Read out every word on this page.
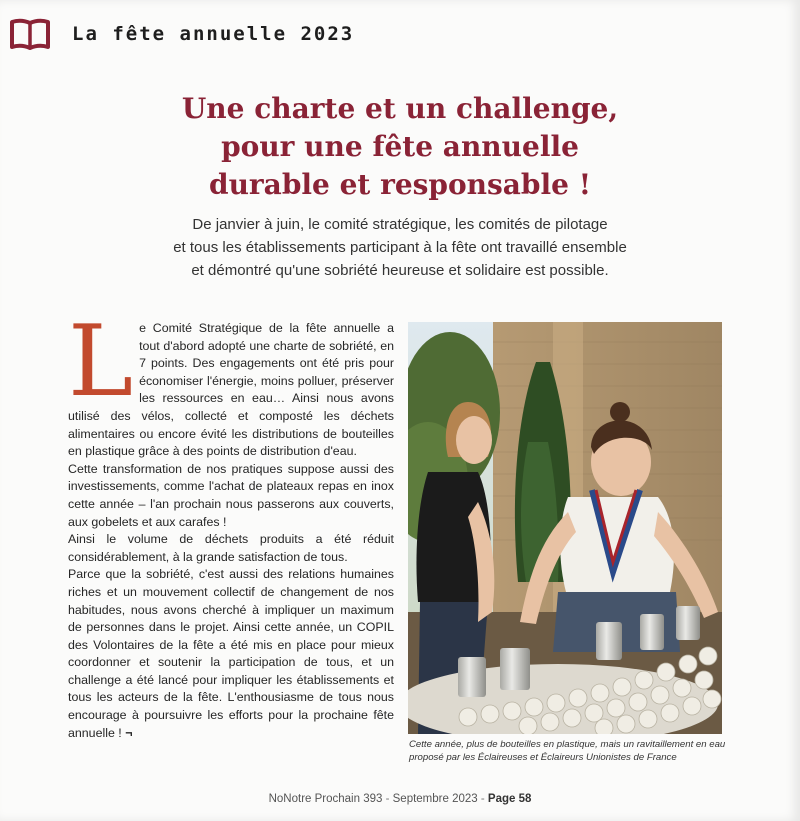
La fête annuelle 2023
Une charte et un challenge,
pour une fête annuelle
durable et responsable !
De janvier à juin, le comité stratégique, les comités de pilotage
et tous les établissements participant à la fête ont travaillé ensemble
et démontré qu'une sobriété heureuse et solidaire est possible.

Le Comité Stratégique de la fête annuelle a tout d'abord adopté une charte de sobriété, en 7 points. Des engagements ont été pris pour économiser l'énergie, moins polluer, préserver les ressources en eau… Ainsi nous avons utilisé des vélos, collecté et composté les déchets alimentaires ou encore évité les distributions de bouteilles en plastique grâce à des points de distribution d'eau.

Cette transformation de nos pratiques suppose aussi des investissements, comme l'achat de plateaux repas en inox cette année – l'an prochain nous passerons aux couverts, aux gobelets et aux carafes !

Ainsi le volume de déchets produits a été réduit considérablement, à la grande satisfaction de tous.

Parce que la sobriété, c'est aussi des relations humaines riches et un mouvement collectif de changement de nos habitudes, nous avons cherché à impliquer un maximum de personnes dans le projet. Ainsi cette année, un COPIL des Volontaires de la fête a été mis en place pour mieux coordonner et soutenir la participation de tous, et un challenge a été lancé pour impliquer les établissements et tous les acteurs de la fête. L'enthousiasme de tous nous encourage à poursuivre les efforts pour la prochaine fête annuelle ! ¬

Cette année, plus de bouteilles en plastique, mais un ravitaillement en eau
proposé par les Éclaireuses et Éclaireurs Unionistes de France
NoNotre Prochain 393 - Septembre 2023 - Page 58
